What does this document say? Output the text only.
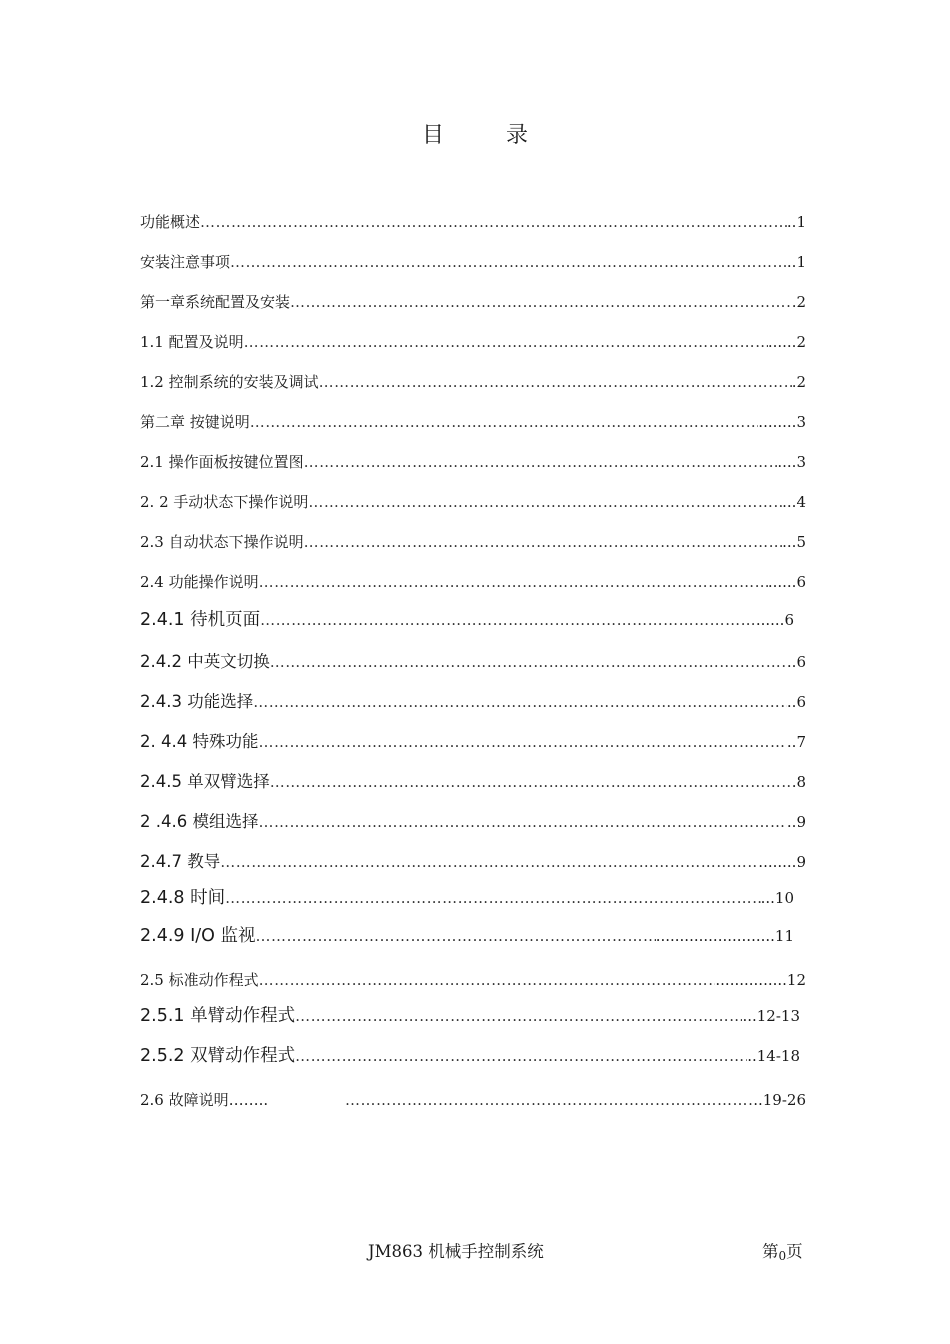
目	录
功能概述 ………………………………………………………………………………………………………………………………………………………………………………	..1
安装注意事项 ………………………………………………………………………………………………………………………………………………………………………………	..1
第一章系统配置及安装 ………………………………………………………………………………………………………………………………………………………………………………	.2
1.1 配置及说明 ………………………………………………………………………………………………………………………………………………………………………………	......2
1.2 控制系统的安装及调试 ………………………………………………………………………………………………………………………………………………………………………………	.2
第二章 按键说明 ………………………………………………………………………………………………………………………………………………………………………………	........3
2.1 操作面板按键位置图 ………………………………………………………………………………………………………………………………………………………………………………	....3
2. 2 手动状态下操作说明 ………………………………………………………………………………………………………………………………………………………………………………	...4
2.3 自动状态下操作说明 ………………………………………………………………………………………………………………………………………………………………………………	...5
2.4 功能操作说明 ………………………………………………………………………………………………………………………………………………………………………………	......6
2.4.1 待机页面 ………………………………………………………………………………………………………………………………………………………………………………	......6
2.4.2 中英文切换 ………………………………………………………………………………………………………………………………………………………………………………	..6
2.4.3 功能选择 ………………………………………………………………………………………………………………………………………………………………………………	..6
2. 4.4 特殊功能 ………………………………………………………………………………………………………………………………………………………………………………	..7
2.4.5 单双臂选择 ………………………………………………………………………………………………………………………………………………………………………………	.8
2 .4.6 模组选择 ………………………………………………………………………………………………………………………………………………………………………………	..9
2.4.7 教导 ………………………………………………………………………………………………………………………………………………………………………………	........9
2.4.8 时间 ………………………………………………………………………………………………………………………………………………………………………………	...10
2.4.9 I/O 监视 ………………………………………………………………………………………………………………………………………………………………………………	.........................11
2.5 标准动作程式 ………………………………………………………………………………………………………………………………………………………………………………	...............12
2.5.1 单臂动作程式 ………………………………………………………………………………………………………………………………………………………………………………	...12-13
2.5.2 双臂动作程式 ………………………………………………………………………………………………………………………………………………………………………………	..14-18
2.6 故障说明…….. ………………………………………………………………………………………………………………………………………………………………………………	..19-26
JM863 机械手控制系统	第0页
